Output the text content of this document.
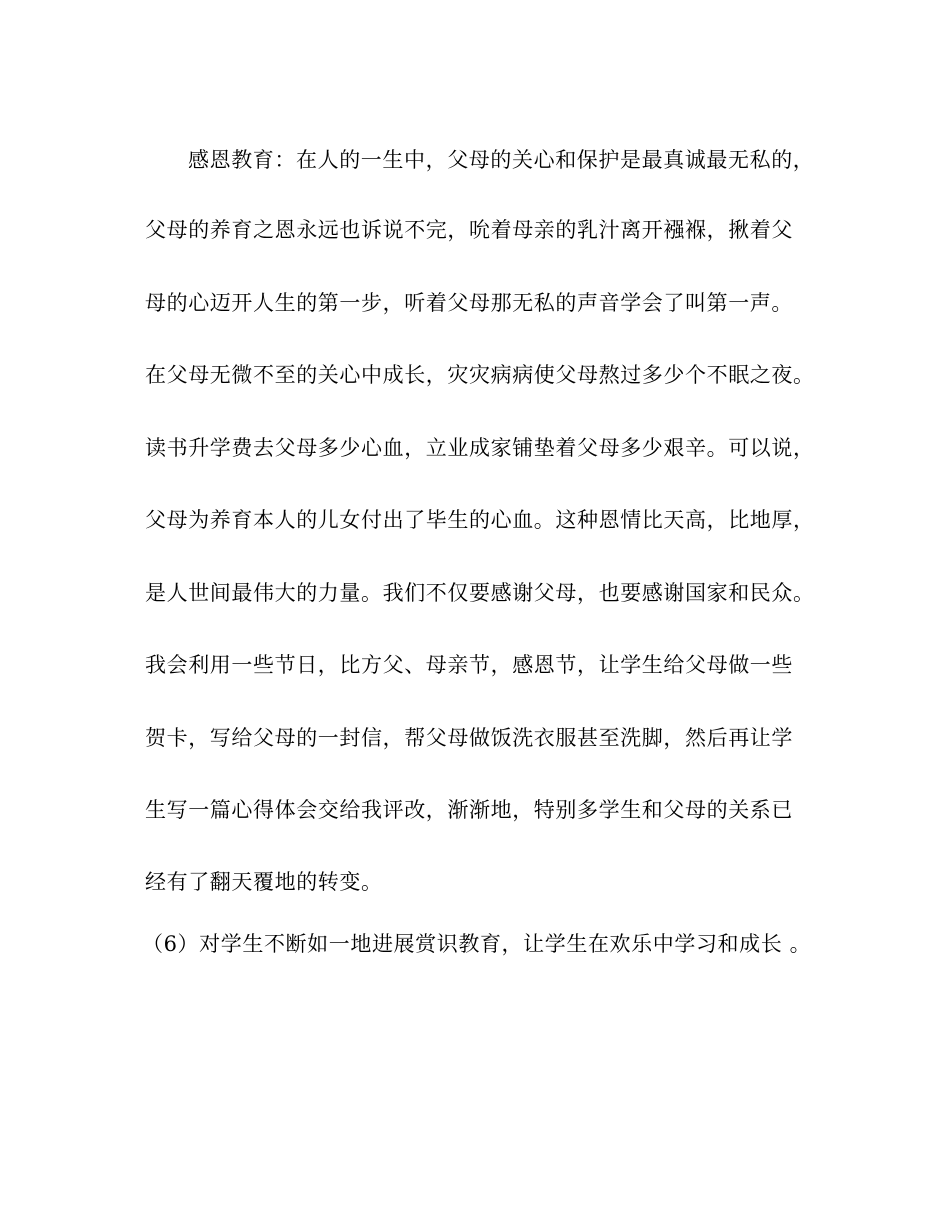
感恩教育：在人的一生中，父母的关心和保护是最真诚最无私的，
父母的养育之恩永远也诉说不完，吮着母亲的乳汁离开襁褓，揪着父
母的心迈开人生的第一步，听着父母那无私的声音学会了叫第一声。
在父母无微不至的关心中成长，灾灾病病使父母熬过多少个不眠之夜。
读书升学费去父母多少心血，立业成家铺垫着父母多少艰辛。可以说，
父母为养育本人的儿女付出了毕生的心血。这种恩情比天高，比地厚，
是人世间最伟大的力量。我们不仅要感谢父母，也要感谢国家和民众。
我会利用一些节日，比方父、母亲节，感恩节，让学生给父母做一些
贺卡，写给父母的一封信，帮父母做饭洗衣服甚至洗脚，然后再让学
生写一篇心得体会交给我评改，渐渐地，特别多学生和父母的关系已
经有了翻天覆地的转变。
（6）对学生不断如一地进展赏识教育，让学生在欢乐中学习和成长 。
